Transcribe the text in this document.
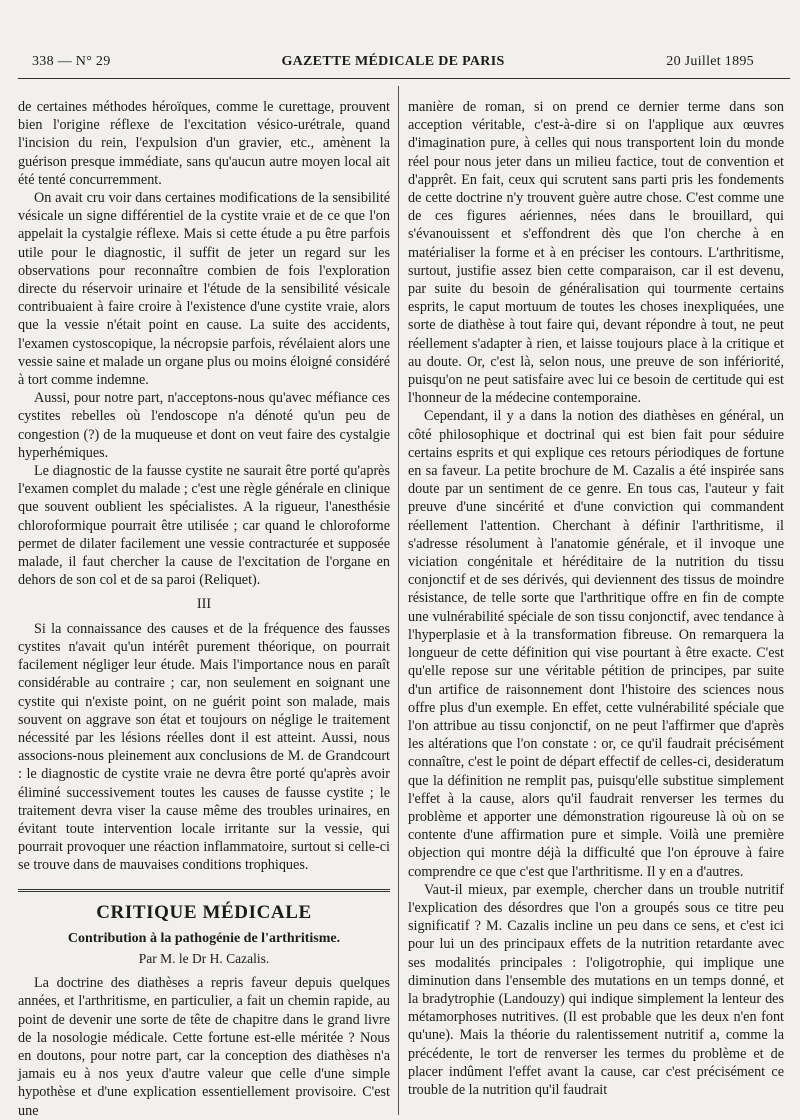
338 — N° 29	GAZETTE MÉDICALE DE PARIS	20 Juillet 1895

de certaines méthodes héroïques, comme le curettage, prouvent bien l'origine réflexe de l'excitation vésico-urétrale, quand l'incision du rein, l'expulsion d'un gravier, etc., amènent la guérison presque immédiate, sans qu'aucun autre moyen local ait été tenté concurremment.

On avait cru voir dans certaines modifications de la sensibilité vésicale un signe différentiel de la cystite vraie et de ce que l'on appelait la cystalgie réflexe. Mais si cette étude a pu être parfois utile pour le diagnostic, il suffit de jeter un regard sur les observations pour reconnaître combien de fois l'exploration directe du réservoir urinaire et l'étude de la sensibilité vésicale contribuaient à faire croire à l'existence d'une cystite vraie, alors que la vessie n'était point en cause. La suite des accidents, l'examen cystoscopique, la nécropsie parfois, révélaient alors une vessie saine et malade un organe plus ou moins éloigné considéré à tort comme indemne.

Aussi, pour notre part, n'acceptons-nous qu'avec méfiance ces cystites rebelles où l'endoscope n'a dénoté qu'un peu de congestion (?) de la muqueuse et dont on veut faire des cystalgie hyperhémiques.

Le diagnostic de la fausse cystite ne saurait être porté qu'après l'examen complet du malade ; c'est une règle générale en clinique que souvent oublient les spécialistes. A la rigueur, l'anesthésie chloroformique pourrait être utilisée ; car quand le chloroforme permet de dilater facilement une vessie contracturée et supposée malade, il faut chercher la cause de l'excitation de l'organe en dehors de son col et de sa paroi (Reliquet).

III

Si la connaissance des causes et de la fréquence des fausses cystites n'avait qu'un intérêt purement théorique, on pourrait facilement négliger leur étude. Mais l'importance nous en paraît considérable au contraire ; car, non seulement en soignant une cystite qui n'existe point, on ne guérit point son malade, mais souvent on aggrave son état et toujours on néglige le traitement nécessité par les lésions réelles dont il est atteint. Aussi, nous associons-nous pleinement aux conclusions de M. de Grandcourt : le diagnostic de cystite vraie ne devra être porté qu'après avoir éliminé successivement toutes les causes de fausse cystite ; le traitement devra viser la cause même des troubles urinaires, en évitant toute intervention locale irritante sur la vessie, qui pourrait provoquer une réaction inflammatoire, surtout si celle-ci se trouve dans de mauvaises conditions trophiques.

CRITIQUE MÉDICALE
Contribution à la pathogénie de l'arthritisme.
Par M. le Dr H. Cazalis.

La doctrine des diathèses a repris faveur depuis quelques années, et l'arthritisme, en particulier, a fait un chemin rapide, au point de devenir une sorte de tête de chapitre dans le grand livre de la nosologie médicale. Cette fortune est-elle méritée ? Nous en doutons, pour notre part, car la conception des diathèses n'a jamais eu à nos yeux d'autre valeur que celle d'une simple hypothèse et d'une explication essentiellement provisoire. C'est une

manière de roman, si on prend ce dernier terme dans son acception véritable, c'est-à-dire si on l'applique aux œuvres d'imagination pure, à celles qui nous transportent loin du monde réel pour nous jeter dans un milieu factice, tout de convention et d'apprêt. En fait, ceux qui scrutent sans parti pris les fondements de cette doctrine n'y trouvent guère autre chose. C'est comme une de ces figures aériennes, nées dans le brouillard, qui s'évanouissent et s'effondrent dès que l'on cherche à en matérialiser la forme et à en préciser les contours. L'arthritisme, surtout, justifie assez bien cette comparaison, car il est devenu, par suite du besoin de généralisation qui tourmente certains esprits, le caput mortuum de toutes les choses inexpliquées, une sorte de diathèse à tout faire qui, devant répondre à tout, ne peut réellement s'adapter à rien, et laisse toujours place à la critique et au doute. Or, c'est là, selon nous, une preuve de son infériorité, puisqu'on ne peut satisfaire avec lui ce besoin de certitude qui est l'honneur de la médecine contemporaine.

Cependant, il y a dans la notion des diathèses en général, un côté philosophique et doctrinal qui est bien fait pour séduire certains esprits et qui explique ces retours périodiques de fortune en sa faveur. La petite brochure de M. Cazalis a été inspirée sans doute par un sentiment de ce genre. En tous cas, l'auteur y fait preuve d'une sincérité et d'une conviction qui commandent réellement l'attention. Cherchant à définir l'arthritisme, il s'adresse résolument à l'anatomie générale, et il invoque une viciation congénitale et héréditaire de la nutrition du tissu conjonctif et de ses dérivés, qui deviennent des tissus de moindre résistance, de telle sorte que l'arthritique offre en fin de compte une vulnérabilité spéciale de son tissu conjonctif, avec tendance à l'hyperplasie et à la transformation fibreuse. On remarquera la longueur de cette définition qui vise pourtant à être exacte. C'est qu'elle repose sur une véritable pétition de principes, par suite d'un artifice de raisonnement dont l'histoire des sciences nous offre plus d'un exemple. En effet, cette vulnérabilité spéciale que l'on attribue au tissu conjonctif, on ne peut l'affirmer que d'après les altérations que l'on constate : or, ce qu'il faudrait précisément connaître, c'est le point de départ effectif de celles-ci, desideratum que la définition ne remplit pas, puisqu'elle substitue simplement l'effet à la cause, alors qu'il faudrait renverser les termes du problème et apporter une démonstration rigoureuse là où on se contente d'une affirmation pure et simple. Voilà une première objection qui montre déjà la difficulté que l'on éprouve à faire comprendre ce que c'est que l'arthritisme. Il y en a d'autres.

Vaut-il mieux, par exemple, chercher dans un trouble nutritif l'explication des désordres que l'on a groupés sous ce titre peu significatif ? M. Cazalis incline un peu dans ce sens, et c'est ici pour lui un des principaux effets de la nutrition retardante avec ses modalités principales : l'oligotrophie, qui implique une diminution dans l'ensemble des mutations en un temps donné, et la bradytrophie (Landouzy) qui indique simplement la lenteur des métamorphoses nutritives. (Il est probable que les deux n'en font qu'une). Mais la théorie du ralentissement nutritif a, comme la précédente, le tort de renverser les termes du problème et de placer indûment l'effet avant la cause, car c'est précisément ce trouble de la nutrition qu'il faudrait
